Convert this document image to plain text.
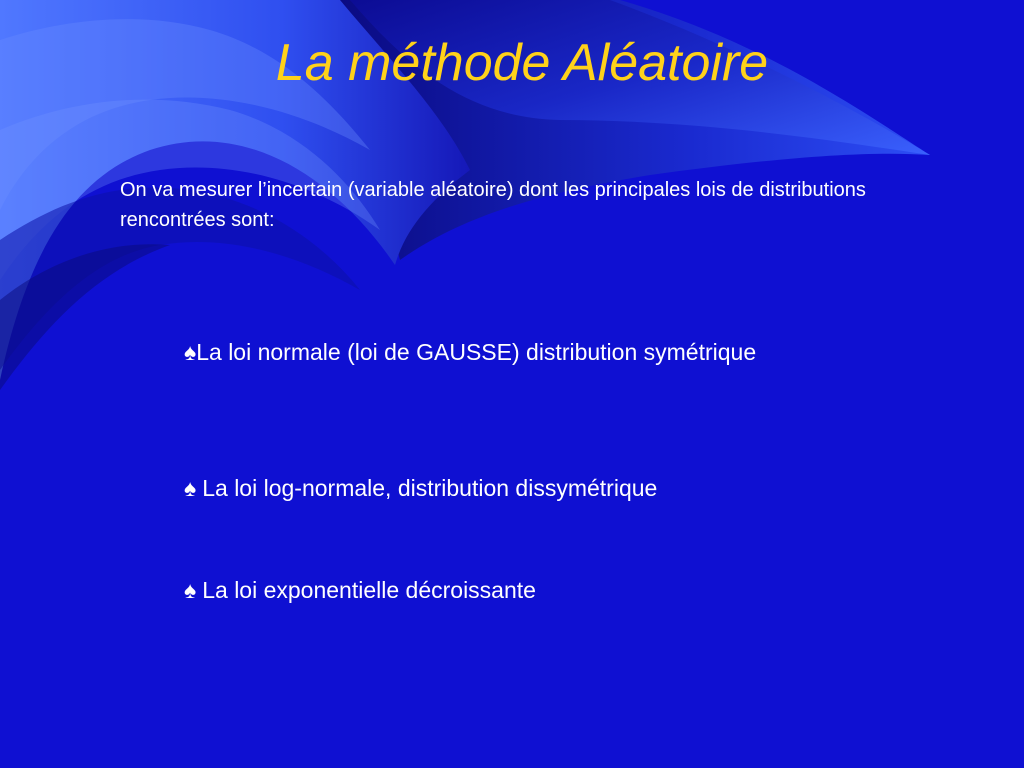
La méthode Aléatoire

On va mesurer l’incertain (variable aléatoire) dont les principales lois de distributions rencontrées sont:

♠La loi normale (loi de GAUSSE) distribution symétrique
♠ La loi log-normale, distribution dissymétrique
♠ La loi exponentielle décroissante
